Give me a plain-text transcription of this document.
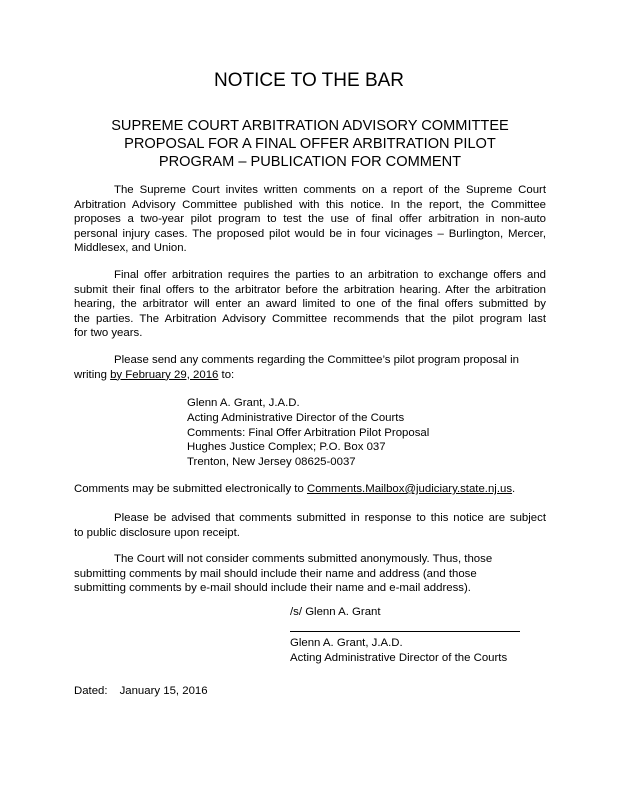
NOTICE TO THE BAR
SUPREME COURT ARBITRATION ADVISORY COMMITTEE
PROPOSAL FOR A FINAL OFFER ARBITRATION PILOT
PROGRAM – PUBLICATION FOR COMMENT
The Supreme Court invites written comments on a report of the Supreme Court
Arbitration Advisory Committee published with this notice. In the report, the Committee
proposes a two-year pilot program to test the use of final offer arbitration in non-auto
personal injury cases. The proposed pilot would be in four vicinages – Burlington, Mercer,
Middlesex, and Union.
Final offer arbitration requires the parties to an arbitration to exchange offers and
submit their final offers to the arbitrator before the arbitration hearing. After the arbitration
hearing, the arbitrator will enter an award limited to one of the final offers submitted by
the parties. The Arbitration Advisory Committee recommends that the pilot program last
for two years.
Please send any comments regarding the Committee’s pilot program proposal in
writing by February 29, 2016 to:
Glenn A. Grant, J.A.D.
Acting Administrative Director of the Courts
Comments: Final Offer Arbitration Pilot Proposal
Hughes Justice Complex; P.O. Box 037
Trenton, New Jersey 08625-0037
Comments may be submitted electronically to Comments.Mailbox@judiciary.state.nj.us.
Please be advised that comments submitted in response to this notice are subject
to public disclosure upon receipt.
The Court will not consider comments submitted anonymously. Thus, those
submitting comments by mail should include their name and address (and those
submitting comments by e-mail should include their name and e-mail address).
/s/ Glenn A. Grant
Glenn A. Grant, J.A.D.
Acting Administrative Director of the Courts
Dated: January 15, 2016
